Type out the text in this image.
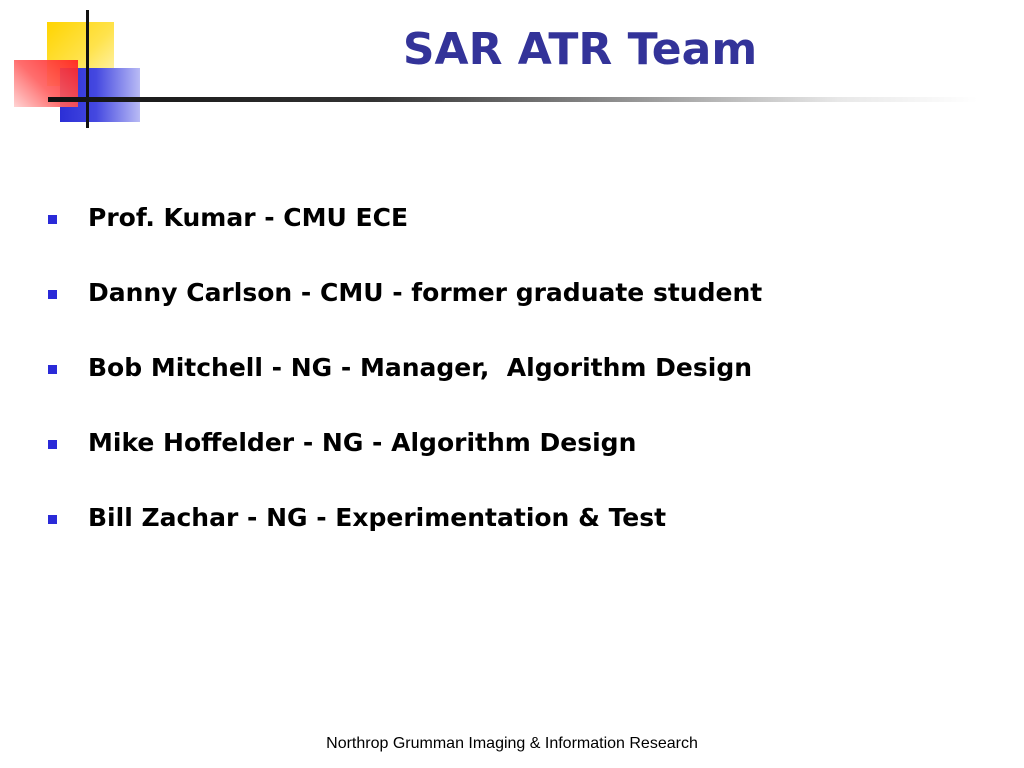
SAR ATR Team
Prof. Kumar - CMU ECE
Danny Carlson - CMU - former graduate student
Bob Mitchell - NG - Manager,  Algorithm Design
Mike Hoffelder - NG - Algorithm Design
Bill Zachar - NG - Experimentation & Test
Northrop Grumman Imaging & Information Research
